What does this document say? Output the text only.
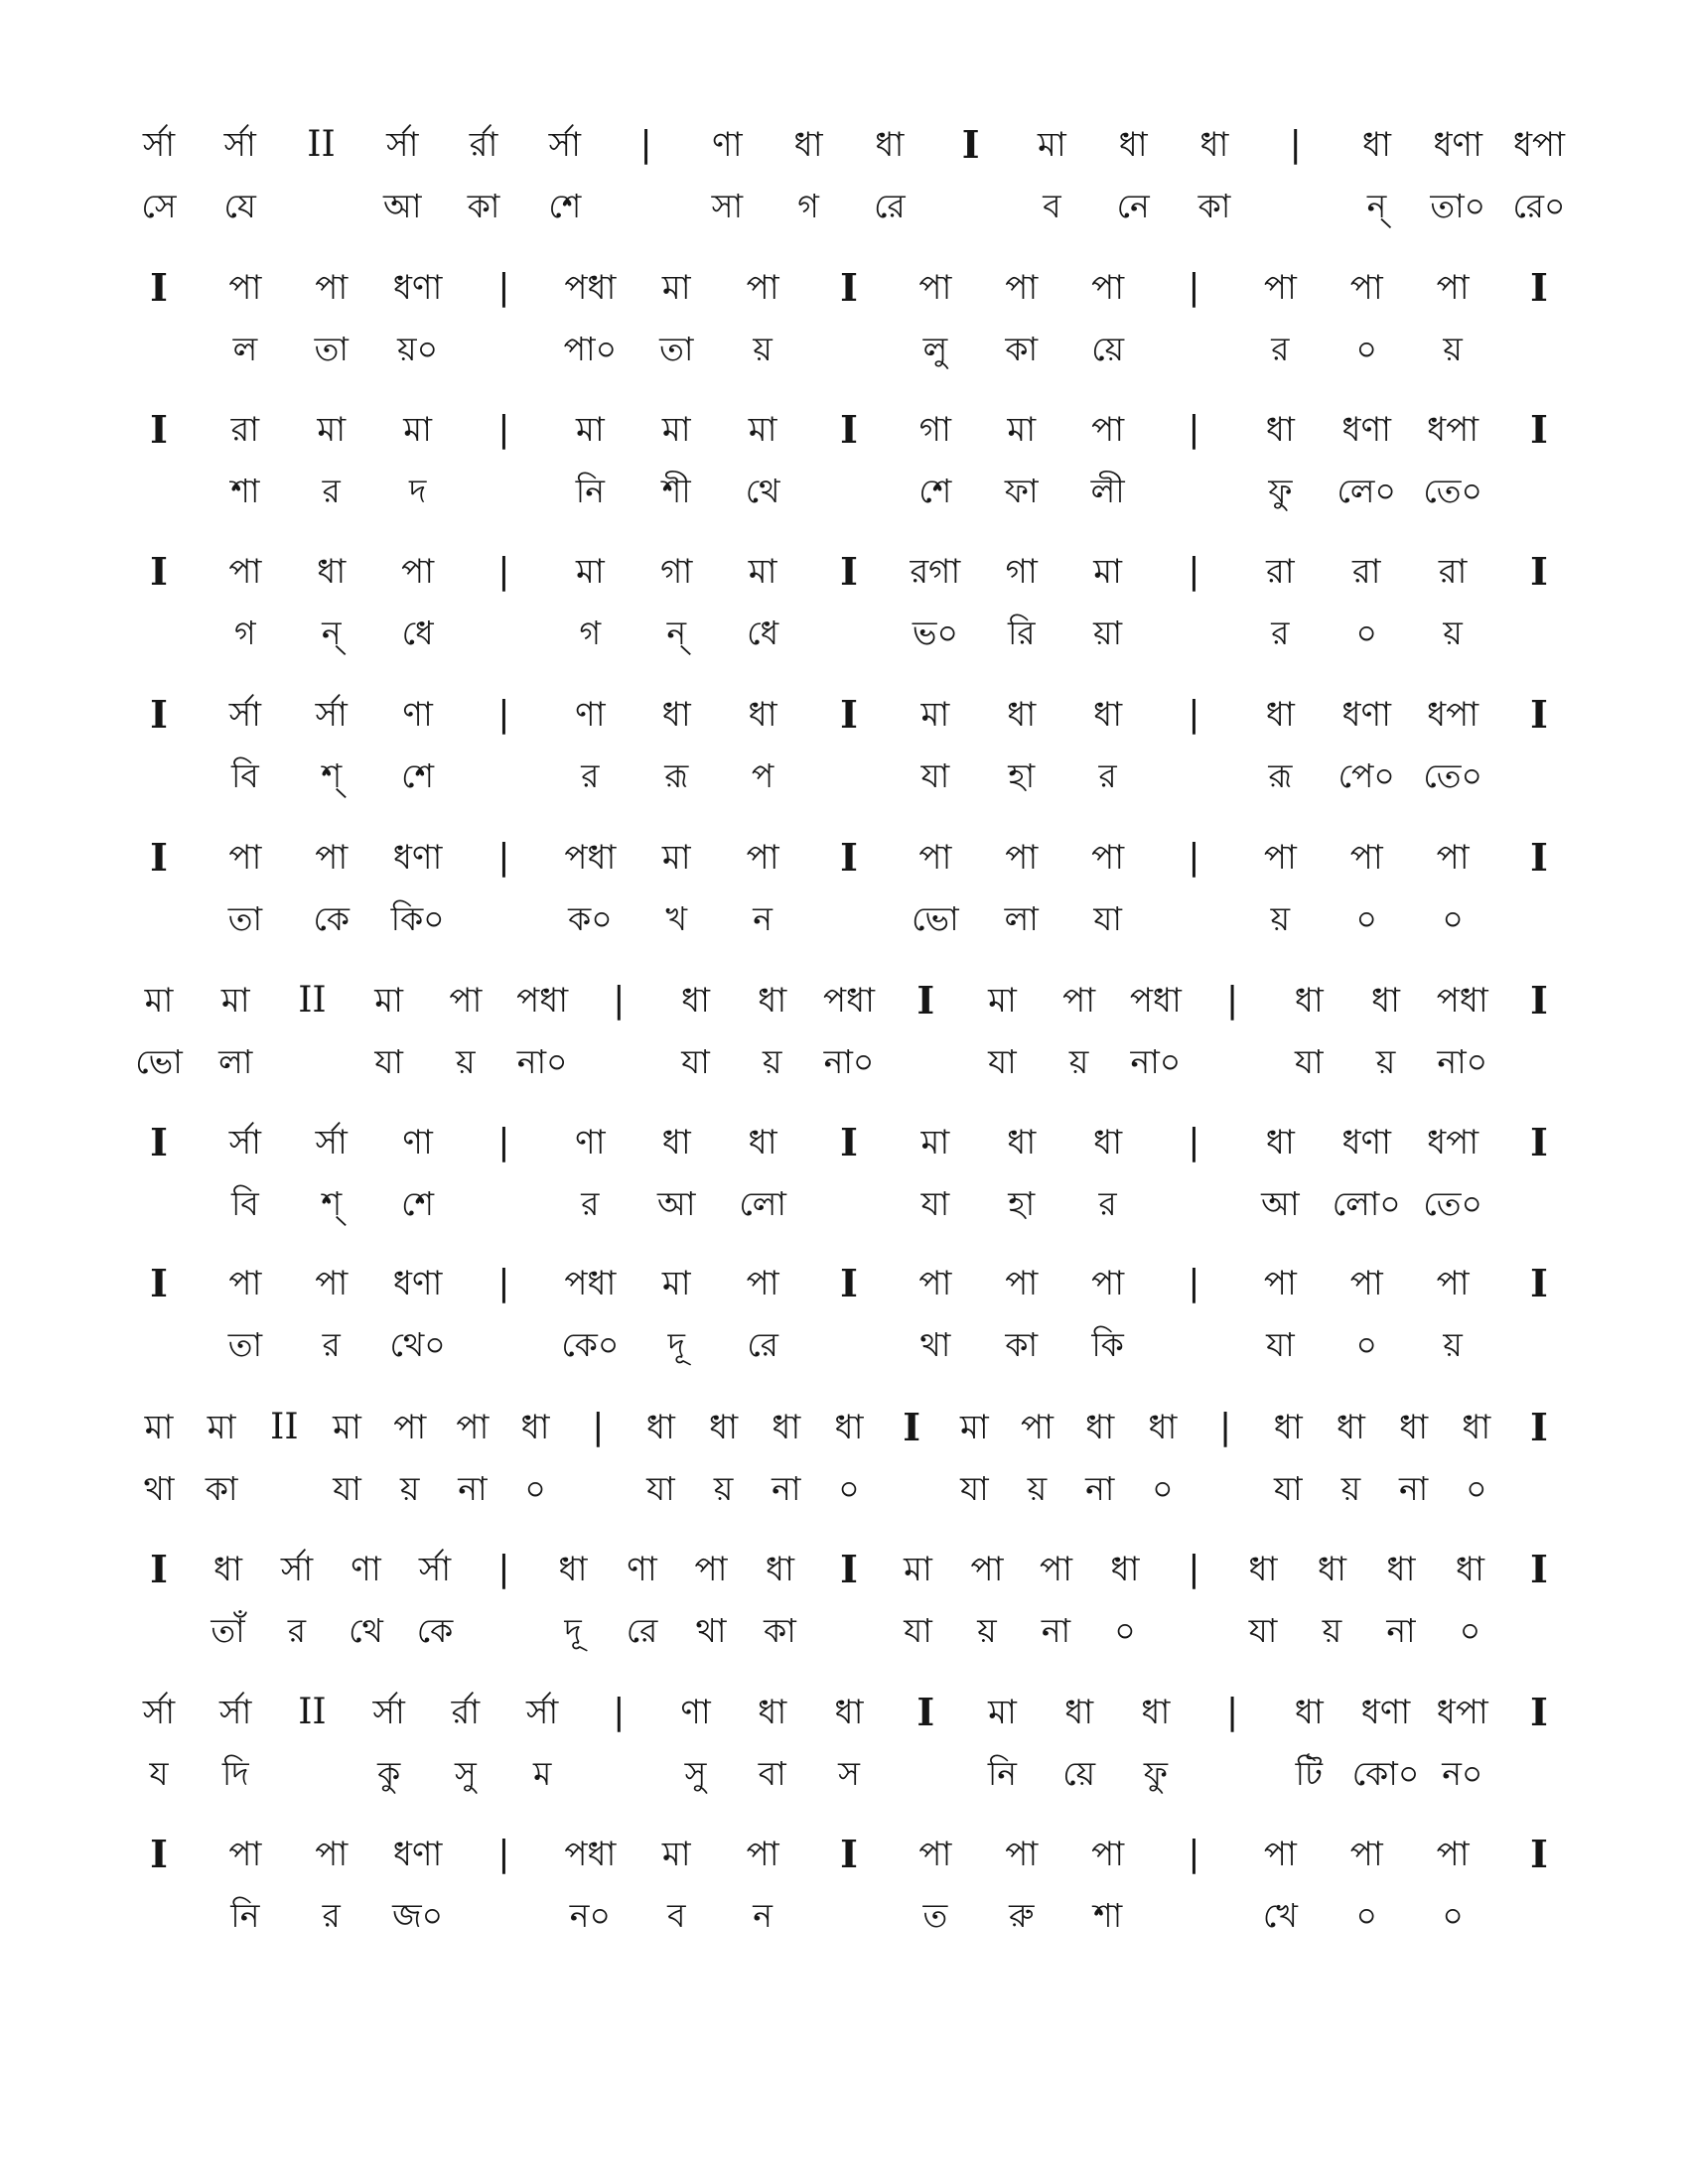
র্সা র্সা II র্সা র্রা র্সা | ণা ধা ধা I মা ধা ধা | ধা ধণা ধপা
সে যে	আ কা শে	সা গ রে	ব নে কা	ন্ তা০ রে০
I পা পা ধণা | পধা মা পা I পা পা পা | পা পা পা I
ল তা য়০	পা০ তা য়	লু কা য়ে	র ০ য়
I রা মা মা | মা মা মা I গা মা পা | ধা ধণা ধপা I
শা র দ	নি শী থে	শে ফা লী	ফু লে০ তে০
I পা ধা পা | মা গা মা I রগা গা মা | রা রা রা I
গ ন্ ধে	গ ন্ ধে	ভ০ রি য়া	র ০ য়
I র্সা র্সা ণা | ণা ধা ধা I মা ধা ধা | ধা ধণা ধপা I
বি শ্ শে	র রূ প	যা হা র	রূ পে০ তে০
I পা পা ধণা | পধা মা পা I পা পা পা | পা পা পা I
তা কে কি০	ক০ খ ন	ভো লা যা	য় ০ ০
মা মা II মা পা পধা | ধা ধা পধা I মা পা পধা | ধা ধা পধা I
ভো লা	যা য় না০	যা য় না০	যা য় না০	যা য় না০
I র্সা র্সা ণা | ণা ধা ধা I মা ধা ধা | ধা ধণা ধপা I
বি শ্ শে	র আ লো	যা হা র	আ লো০ তে০
I পা পা ধণা | পধা মা পা I পা পা পা | পা পা পা I
তা র থে০	কে০ দূ রে	থা কা কি	যা ০ য়
মা মা II মা পা পা ধা | ধা ধা ধা ধা I মা পা ধা ধা | ধা ধা ধা ধা I
থা কা	যা য় না ০	যা য় না ০	যা য় না ০	যা য় না ০
I ধা র্সা ণা র্সা | ধা ণা পা ধা I মা পা পা ধা | ধা ধা ধা ধা I
তাঁ র থে কে	দূ রে থা কা	যা য় না ০	যা য় না ০
র্সা র্সা II র্সা র্রা র্সা | ণা ধা ধা I মা ধা ধা | ধা ধণা ধপা I
য দি	কু সু ম	সু বা স	নি য়ে ফু	টি কো০ ন০
I পা পা ধণা | পধা মা পা I পা পা পা | পা পা পা I
নি র জ০	ন০ ব ন	ত রু শা	খে ০ ০
